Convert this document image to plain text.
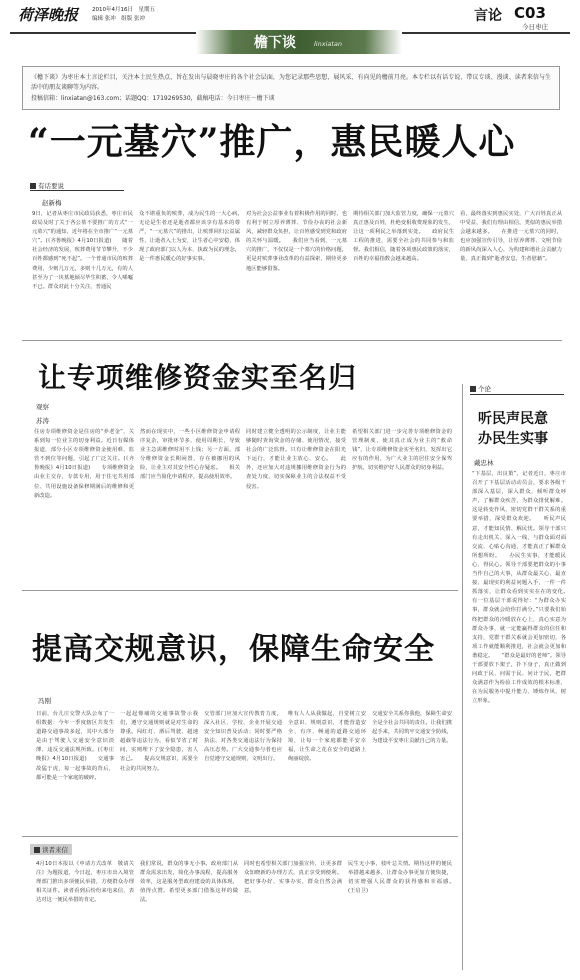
荷泽晚报	2010年4月16日　星期五
编辑 张冲　组版 张冲	言论 C03
今日枣庄
檐下谈	linxiatan
《檐下谈》为枣庄本土言论栏目，关注本土民生热点，旨在发出与晨晓枣庄的各个社会层面，为您记录那些思想，展风采、有向见的檐前月亮。本专栏以有话专说、带议专谈、漫谈、读者来信与生活中的朋友谈聊等为内容。
投稿信箱：linxiatan@163.com；话题QQ：1719269530，截稿电话：今日枣庄－檐下谈
“一元墓穴”推广，惠民暖人心
有话要说
赵新梅
9日，记者从枣庄市民政局获悉，枣庄市民政局及时了关于各公墓不要推广的方式“一元墓穴”的通知，近年将在全市推广“一元墓穴”。(《齐鲁晚报》4月10日报道)　　随着社会经济的发展，殡葬费用节节攀升，不少百姓都感到“死不起”。一个普通市民的殡葬费用，少则几万元，多则十几万元，有的人甚至为了一块墓地倾尽毕生积蓄，令人唏嘘不已。群众对此十分关注，普通民
众不堪重负的殡葬，成为民生的一大心病。　　无论是生者还是逝者都应该享有基本的尊严，“一元墓穴”的推出，让殡葬回归公益属性，让逝者入土为安，让生者心中安稳，体现了政府部门以人为本、执政为民的理念，是一件惠民暖心的好事实事。
对为社会公益事业有着积极作用的同时，也有利于树立厚养薄葬、节俭办丧的社会新风，减轻群众负担，让百姓感受到党和政府的关怀与温暖。　　我们应当看到，一元墓穴的推广，不仅仅是一个墓穴的价格问题，更是对殡葬事业改革的有益探索，期待更多地区能够借鉴。
期待相关部门加大监管力度，确保一元墓穴真正惠及百姓，杜绝变相收费现象的发生，让这一项利民之举落到实处。　　政府民生工程的推进，需要全社会的共同参与和监督。我们相信，随着各项惠民政策的落实，百姓的幸福指数会越来越高。
看，最终落实到惠民实处，广大百姓真正从中受益，我们有理由相信，类似的惠民举措会越来越多。　　在推进一元墓穴的同时，也应加强宣传引导，让厚养薄葬、文明节俭的新风尚深入人心，为构建和谐社会贡献力量，真正做到“逝者安息，生者慰藉”。
让专项维修资金实至名归
观察
苏涛
住房专项维修资金是住房的“养老金”，关系到每一位业主的切身利益。近日有媒体报道，部分小区专项维修资金使用难、监管不到位等问题，引起了广泛关注。(《齐鲁晚报》4月10日报道)　　专项维修资金由业主交存，专款专用，用于住宅共用部位、共用设施设备保修期满后的维修和更新改造。
然而在现实中，一些小区维修资金申请程序复杂，审批环节多，使用周期长，导致业主急需维修时用不上钱；另一方面，部分维修资金长期闲置，存在被挪用的风险，让业主对其安全性心存疑虑。　　相关部门应当简化申请程序，提高使用效率。
同时建立健全透明的公示制度，让业主能够随时查询资金的存储、使用情况，接受社会的广泛监督。只有让维修资金在阳光下运行，才能让业主放心、安心。　　此外，还应加大对违规挪用维修资金行为的查处力度，切实保障业主的合法权益不受侵害。
希望相关部门进一步完善专项维修资金的管理制度，使其真正成为业主的“救命钱”，让专项维修资金实至名归，发挥出它应有的作用，为广大业主的居住安全保驾护航，切实维护好人民群众的切身利益。
提高交规意识，保障生命安全
冯刚
日前，台儿庄交警大队公布了一组数据：今年一季度辖区共发生道路交通事故多起，其中大部分是由于驾驶人交通安全意识淡薄、违反交通法规所致。(《枣庄晚报》4月10日报道)　　交通事故猛于虎，每一起事故的背后，都可能是一个家庭的破碎。
一起起惨痛的交通事故警示我们，遵守交通规则就是对生命的尊重。闯红灯、酒后驾驶、超速超载等违法行为，看似节省了时间，实则埋下了安全隐患，害人害己。　　提高交规意识，需要全社会的共同努力。
交管部门应加大宣传教育力度，深入社区、学校、企业开展交通安全知识普及活动；同时要严格执法，对各类交通违法行为保持高压态势。广大交通参与者也应自觉遵守交通规则，文明出行。
唯有人人从我做起，自觉树立安全意识、规则意识，才能营造安全、有序、畅通的道路交通环境，让每一个家庭都能平安幸福，让生命之花在安全的道路上绚丽绽放。
交通安全关系你我他，保障生命安全是全社会共同的责任。让我们携起手来，共同筑牢交通安全防线，为建设平安枣庄贡献自己的力量。
读者来信
4月10日本报以《申请方式改革　敬请关注》为题报道，今日起，枣庄市出入境管理部门推出多项便民举措，方便群众办理相关证件。读者看到后纷纷来电来信，表达对这一便民举措的肯定。
我们常说，群众的事无小事。政府部门从群众需求出发，简化办事流程，提高服务效率，这是服务型政府建设的具体体现，值得点赞。希望更多部门借鉴这样的做法。
同时也希望相关部门加强宣传，让更多群众知晓新的办理方式，真正享受到便利。把好事办好、实事办实，群众自然会满意。
民生无小事，枝叶总关情。期待这样的便民举措越来越多，让群众办事更加方便快捷，切实增强人民群众的获得感和幸福感。　　(王启卫)
个论
听民声民意
办民生实事
戴忠林
“下基层，出良策”，记者近日，枣庄市召开了下基层活动动员会，要求各级干部深入基层，深入群众，倾听群众呼声，了解群众疾苦，为群众排忧解难。这是转变作风、密切党群干群关系的重要举措，深受群众欢迎。　　听民声民意，才能知民情、解民忧。领导干部只有走出机关、深入一线，与群众面对面交流、心贴心沟通，才能真正了解群众所想所盼。　　办民生实事，才能暖民心、得民心。领导干部要把群众的小事当作自己的大事，从群众最关心、最直接、最现实的利益问题入手，一件一件抓落实，让群众看到实实在在的变化。　　有一位基层干部说得好：“为群众办实事，群众就会给你打满分。”只要我们始终把群众的冷暖放在心上，真心实意为群众办事，就一定能赢得群众的信任和支持，党群干群关系就会更加密切，各项工作就能顺利推进，社会就会更加和谐稳定。　　“群众是最好的老师”。领导干部要放下架子，扑下身子，真正做到问政于民、问需于民、问计于民，把群众满意作为检验工作成效的根本标准，在为民服务中提升能力、锤炼作风、树立形象。
